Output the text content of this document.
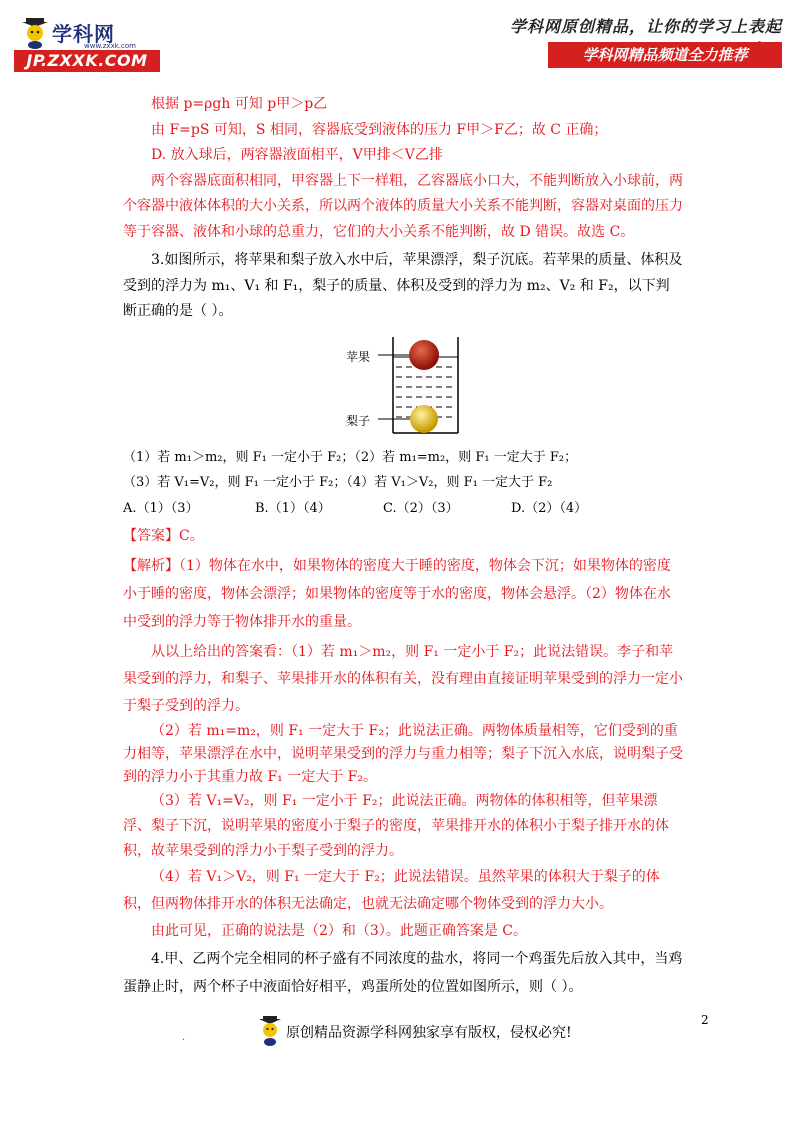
学科网
www.zxxk.com
JP.ZXXK.COM
学科网原创精品，让你的学习上表起
学科网精品频道全力推荐

根据 p=ρgh 可知 p甲＞p乙

由 F=pS 可知，S 相同，容器底受到液体的压力 F甲＞F乙；故 C 正确；

D. 放入球后，两容器液面相平，V甲排＜V乙排

两个容器底面积相同，甲容器上下一样粗，乙容器底小口大，不能判断放入小球前，两个容器中液体体积的大小关系，所以两个液体的质量大小关系不能判断，容器对桌面的压力等于容器、液体和小球的总重力，它们的大小关系不能判断，故 D 错误。故选 C。

3.如图所示，将苹果和梨子放入水中后，苹果漂浮，梨子沉底。若苹果的质量、体积及受到的浮力为 m₁、V₁ 和 F₁，梨子的质量、体积及受到的浮力为 m₂、V₂ 和 F₂，以下判断正确的是（ ）。

苹果
梨子

（1）若 m₁＞m₂，则 F₁ 一定小于 F₂；（2）若 m₁=m₂，则 F₁ 一定大于 F₂；

（3）若 V₁=V₂，则 F₁ 一定小于 F₂；（4）若 V₁＞V₂，则 F₁ 一定大于 F₂

A.（1）（3）	B.（1）（4）	C.（2）（3）	D.（2）（4）

【答案】C。

【解析】（1）物体在水中，如果物体的密度大于睡的密度，物体会下沉；如果物体的密度小于睡的密度，物体会漂浮；如果物体的密度等于水的密度，物体会悬浮。（2）物体在水中受到的浮力等于物体排开水的重量。

从以上给出的答案看：（1）若 m₁＞m₂，则 F₁ 一定小于 F₂；此说法错误。李子和苹果受到的浮力，和梨子、苹果排开水的体积有关，没有理由直接证明苹果受到的浮力一定小于梨子受到的浮力。

（2）若 m₁=m₂，则 F₁ 一定大于 F₂；此说法正确。两物体质量相等，它们受到的重力相等，苹果漂浮在水中，说明苹果受到的浮力与重力相等；梨子下沉入水底，说明梨子受到的浮力小于其重力故 F₁ 一定大于 F₂。

（3）若 V₁=V₂，则 F₁ 一定小于 F₂；此说法正确。两物体的体积相等，但苹果漂浮、梨子下沉，说明苹果的密度小于梨子的密度，苹果排开水的体积小于梨子排开水的体积，故苹果受到的浮力小于梨子受到的浮力。

（4）若 V₁＞V₂，则 F₁ 一定大于 F₂；此说法错误。虽然苹果的体积大于梨子的体积，但两物体排开水的体积无法确定，也就无法确定哪个物体受到的浮力大小。

由此可见，正确的说法是（2）和（3）。此题正确答案是 C。

4.甲、乙两个完全相同的杯子盛有不同浓度的盐水，将同一个鸡蛋先后放入其中，当鸡蛋静止时，两个杯子中液面恰好相平，鸡蛋所处的位置如图所示，则（ ）。

2
.	原创精品资源学科网独家享有版权，侵权必究!
